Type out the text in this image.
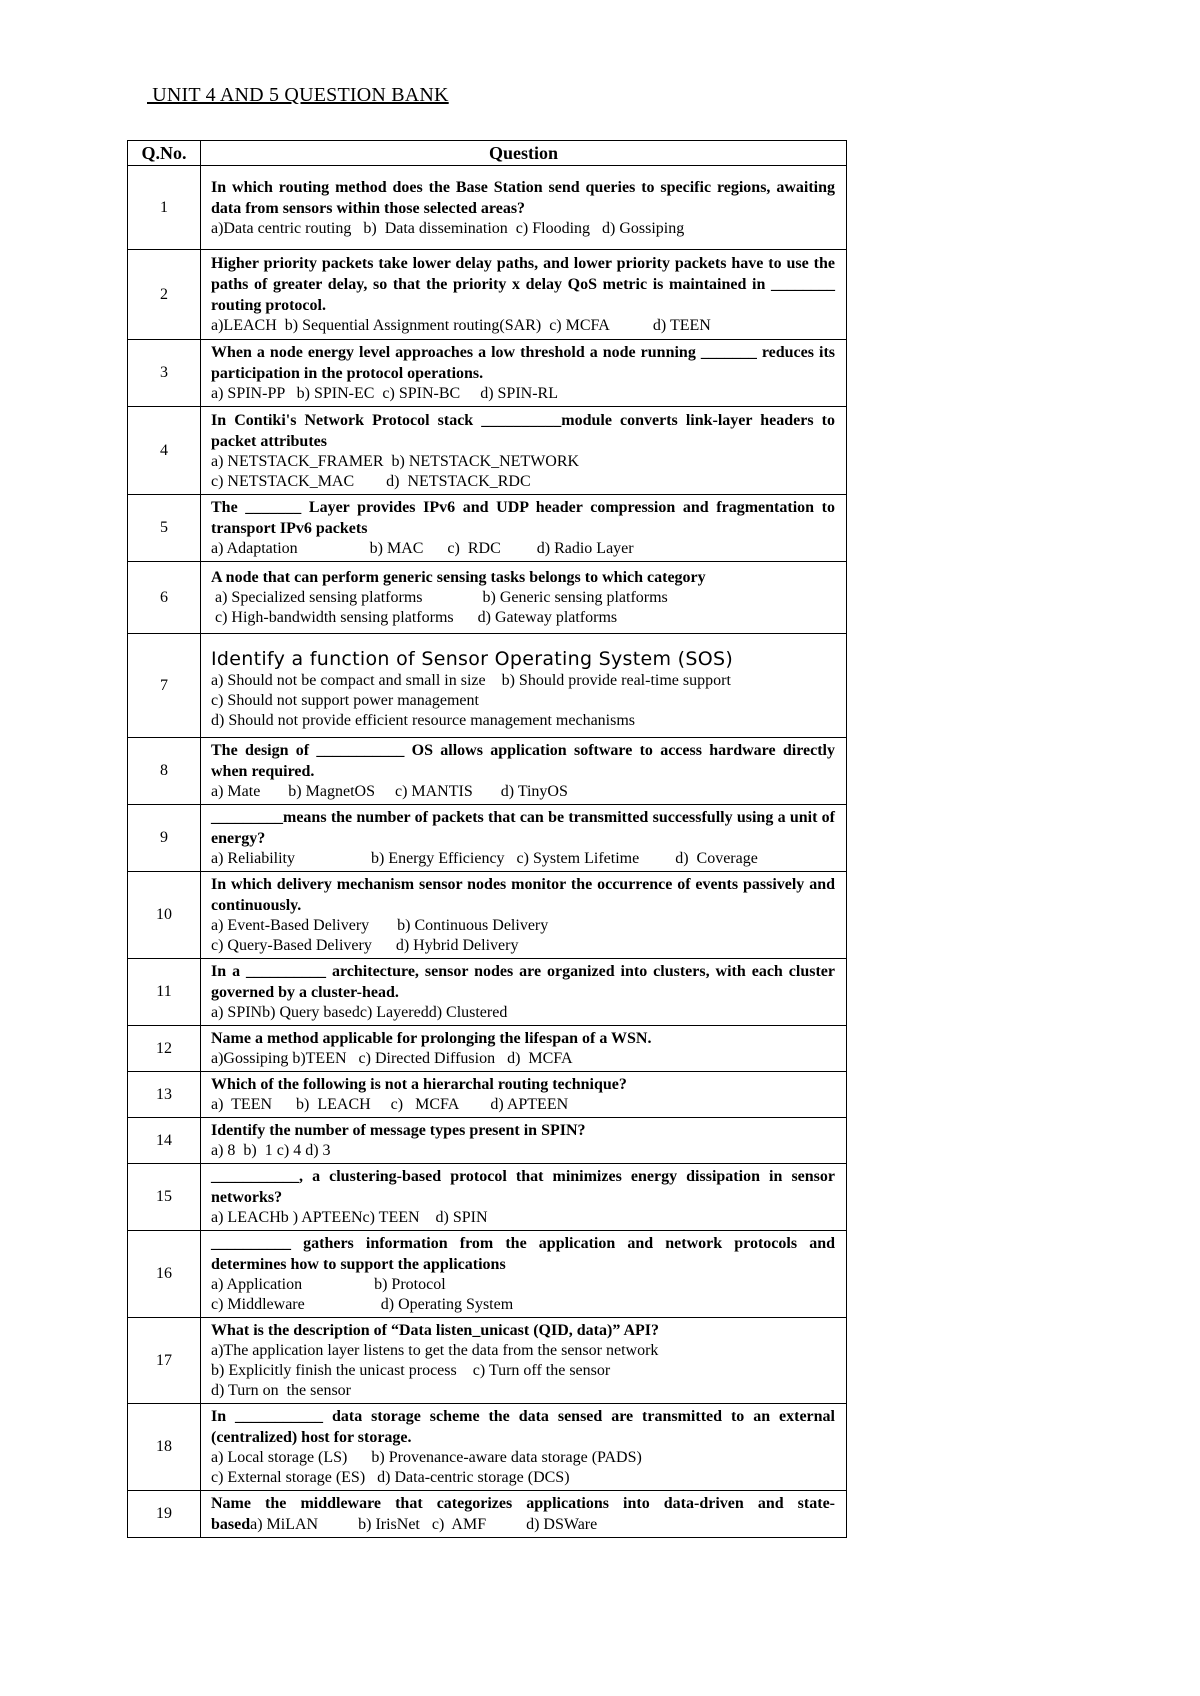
UNIT 4 AND 5 QUESTION BANK
Q.No.	Question
1	In which routing method does the Base Station send queries to specific regions, awaiting data from sensors within those selected areas?
a)Data centric routing   b)  Data dissemination  c) Flooding   d) Gossiping

2	Higher priority packets take lower delay paths, and lower priority packets have to use the paths of greater delay, so that the priority x delay QoS metric is maintained in ________ routing protocol.
a)LEACH  b) Sequential Assignment routing(SAR)  c) MCFA           d) TEEN

3	When a node energy level approaches a low threshold a node running _______ reduces its participation in the protocol operations.
a) SPIN-PP   b) SPIN-EC  c) SPIN-BC     d) SPIN-RL

4	In Contiki's Network Protocol stack __________module converts link-layer headers to packet attributes
a) NETSTACK_FRAMER  b) NETSTACK_NETWORK
c) NETSTACK_MAC        d)  NETSTACK_RDC

5	The _______ Layer provides IPv6 and UDP header compression and fragmentation to transport IPv6 packets
a) Adaptation                  b) MAC      c)  RDC         d) Radio Layer

6	A node that can perform generic sensing tasks belongs to which category
a) Specialized sensing platforms               b) Generic sensing platforms
c) High-bandwidth sensing platforms      d) Gateway platforms

7	Identify a function of Sensor Operating System (SOS)
a) Should not be compact and small in size    b) Should provide real-time support
c) Should not support power management
d) Should not provide efficient resource management mechanisms

8	The design of ___________ OS allows application software to access hardware directly when required.
a) Mate       b) MagnetOS     c) MANTIS       d) TinyOS

9	_________means the number of packets that can be transmitted successfully using a unit of energy?
a) Reliability                   b) Energy Efficiency   c) System Lifetime         d)  Coverage

10	In which delivery mechanism sensor nodes monitor the occurrence of events passively and continuously.
a) Event-Based Delivery       b) Continuous Delivery
c) Query-Based Delivery      d) Hybrid Delivery

11	In a __________ architecture, sensor nodes are organized into clusters, with each cluster governed by a cluster-head.
a) SPINb) Query basedc) Layeredd) Clustered

12	Name a method applicable for prolonging the lifespan of a WSN.
a)Gossiping b)TEEN   c) Directed Diffusion   d)  MCFA

13	Which of the following is not a hierarchal routing technique?
a)  TEEN      b)  LEACH     c)   MCFA        d) APTEEN

14	Identify the number of message types present in SPIN?
a) 8  b)  1 c) 4 d) 3

15	___________, a clustering-based protocol that minimizes energy dissipation in sensor networks?
a) LEACHb ) APTEENc) TEEN    d) SPIN

16	__________ gathers information from the application and network protocols and determines how to support the applications
a) Application                  b) Protocol
c) Middleware                   d) Operating System

17	What is the description of “Data listen_unicast (QID, data)” API?
a)The application layer listens to get the data from the sensor network
b) Explicitly finish the unicast process    c) Turn off the sensor
d) Turn on  the sensor

18	In ___________ data storage scheme the data sensed are transmitted to an external (centralized) host for storage.
a) Local storage (LS)      b) Provenance-aware data storage (PADS)
c) External storage (ES)   d) Data-centric storage (DCS)

19	Name the middleware that categorizes applications into data-driven and state-baseda) MiLAN          b) IrisNet   c)  AMF          d) DSWare
